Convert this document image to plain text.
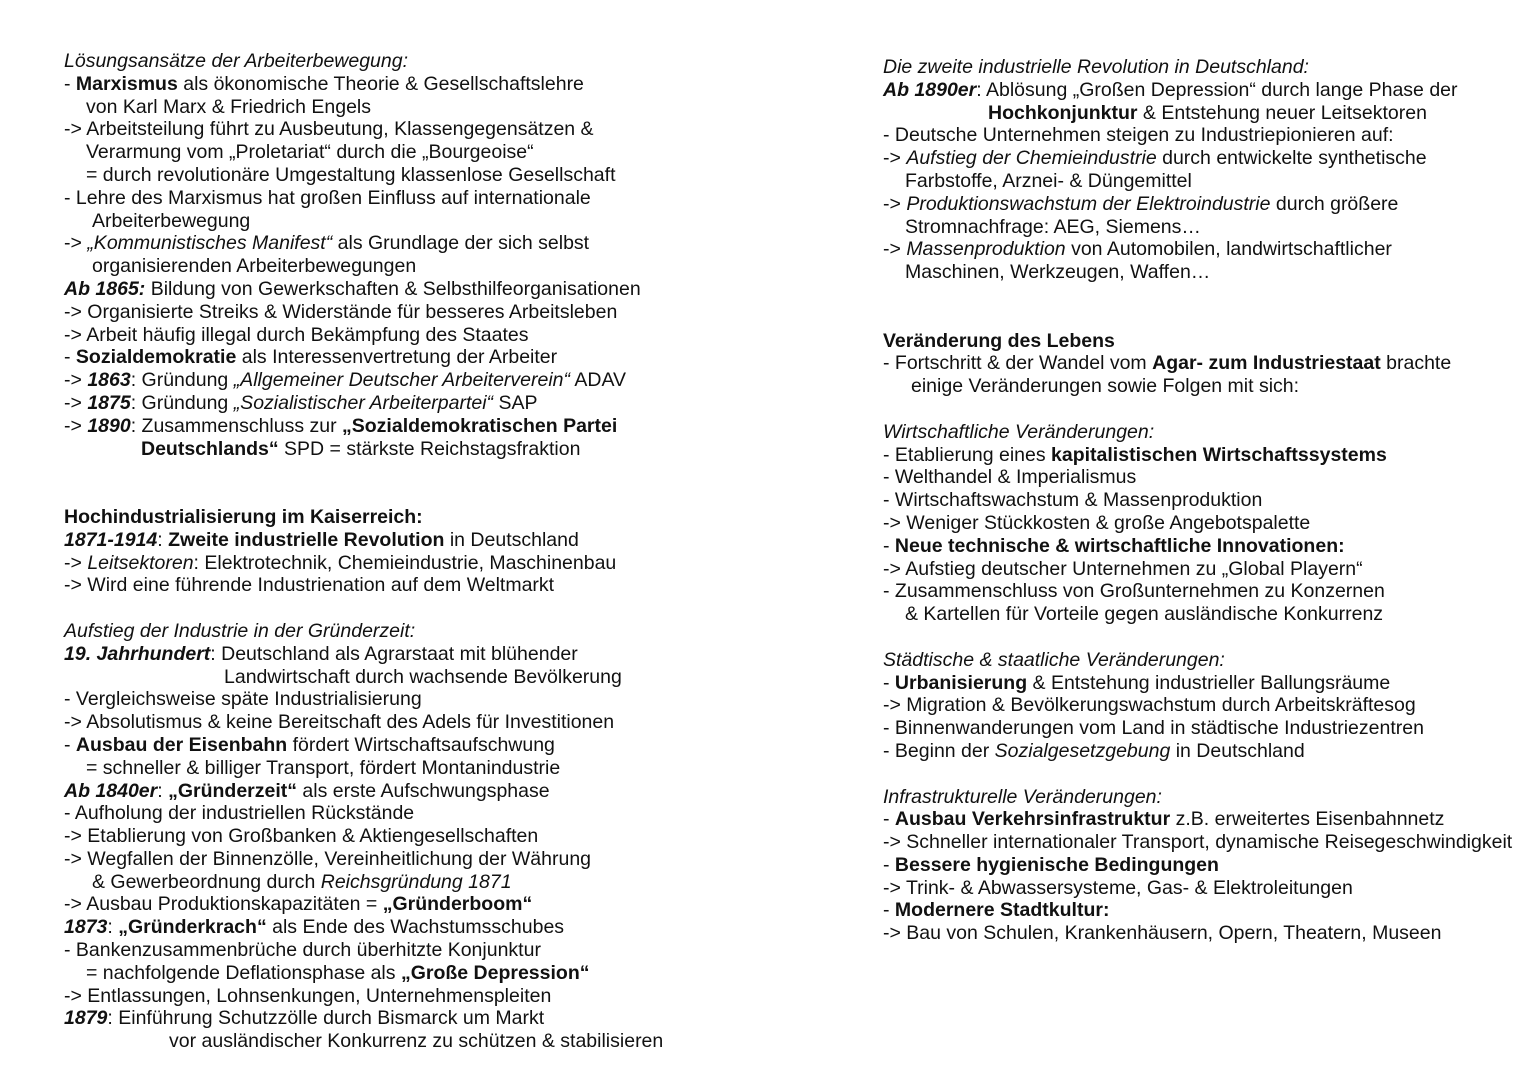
Lösungsansätze der Arbeiterbewegung:
- Marxismus als ökonomische Theorie & Gesellschaftslehre
von Karl Marx & Friedrich Engels
-> Arbeitsteilung führt zu Ausbeutung, Klassengegensätzen &
Verarmung vom „Proletariat“ durch die „Bourgeoise“
= durch revolutionäre Umgestaltung klassenlose Gesellschaft
- Lehre des Marxismus hat großen Einfluss auf internationale
Arbeiterbewegung
-> „Kommunistisches Manifest“ als Grundlage der sich selbst
organisierenden Arbeiterbewegungen
Ab 1865: Bildung von Gewerkschaften & Selbsthilfeorganisationen
-> Organisierte Streiks & Widerstände für besseres Arbeitsleben
-> Arbeit häufig illegal durch Bekämpfung des Staates
- Sozialdemokratie als Interessenvertretung der Arbeiter
-> 1863: Gründung „Allgemeiner Deutscher Arbeiterverein“ ADAV
-> 1875: Gründung „Sozialistischer Arbeiterpartei“ SAP
-> 1890: Zusammenschluss zur „Sozialdemokratischen Partei
Deutschlands“ SPD = stärkste Reichstagsfraktion
Hochindustrialisierung im Kaiserreich:
1871-1914: Zweite industrielle Revolution in Deutschland
-> Leitsektoren: Elektrotechnik, Chemieindustrie, Maschinenbau
-> Wird eine führende Industrienation auf dem Weltmarkt
Aufstieg der Industrie in der Gründerzeit:
19. Jahrhundert: Deutschland als Agrarstaat mit blühender
Landwirtschaft durch wachsende Bevölkerung
- Vergleichsweise späte Industrialisierung
-> Absolutismus & keine Bereitschaft des Adels für Investitionen
- Ausbau der Eisenbahn fördert Wirtschaftsaufschwung
= schneller & billiger Transport, fördert Montanindustrie
Ab 1840er: „Gründerzeit“ als erste Aufschwungsphase
- Aufholung der industriellen Rückstände
-> Etablierung von Großbanken & Aktiengesellschaften
-> Wegfallen der Binnenzölle, Vereinheitlichung der Währung
& Gewerbeordnung durch Reichsgründung 1871
-> Ausbau Produktionskapazitäten = „Gründerboom“
1873: „Gründerkrach“ als Ende des Wachstumsschubes
- Bankenzusammenbrüche durch überhitzte Konjunktur
= nachfolgende Deflationsphase als „Große Depression“
-> Entlassungen, Lohnsenkungen, Unternehmenspleiten
1879: Einführung Schutzzölle durch Bismarck um Markt
vor ausländischer Konkurrenz zu schützen & stabilisieren
Die zweite industrielle Revolution in Deutschland:
Ab 1890er: Ablösung „Großen Depression“ durch lange Phase der
Hochkonjunktur & Entstehung neuer Leitsektoren
- Deutsche Unternehmen steigen zu Industriepionieren auf:
-> Aufstieg der Chemieindustrie durch entwickelte synthetische
Farbstoffe, Arznei- & Düngemittel
-> Produktionswachstum der Elektroindustrie durch größere
Stromnachfrage: AEG, Siemens…
-> Massenproduktion von Automobilen, landwirtschaftlicher
Maschinen, Werkzeugen, Waffen…
Veränderung des Lebens
- Fortschritt & der Wandel vom Agar- zum Industriestaat brachte
einige Veränderungen sowie Folgen mit sich:
Wirtschaftliche Veränderungen:
- Etablierung eines kapitalistischen Wirtschaftssystems
- Welthandel & Imperialismus
- Wirtschaftswachstum & Massenproduktion
-> Weniger Stückkosten & große Angebotspalette
- Neue technische & wirtschaftliche Innovationen:
-> Aufstieg deutscher Unternehmen zu „Global Playern“
- Zusammenschluss von Großunternehmen zu Konzernen
& Kartellen für Vorteile gegen ausländische Konkurrenz
Städtische & staatliche Veränderungen:
- Urbanisierung & Entstehung industrieller Ballungsräume
-> Migration & Bevölkerungswachstum durch Arbeitskräftesog
- Binnenwanderungen vom Land in städtische Industriezentren
- Beginn der Sozialgesetzgebung in Deutschland
Infrastrukturelle Veränderungen:
- Ausbau Verkehrsinfrastruktur z.B. erweitertes Eisenbahnnetz
-> Schneller internationaler Transport, dynamische Reisegeschwindigkeit
- Bessere hygienische Bedingungen
-> Trink- & Abwassersysteme, Gas- & Elektroleitungen
- Modernere Stadtkultur:
-> Bau von Schulen, Krankenhäusern, Opern, Theatern, Museen
